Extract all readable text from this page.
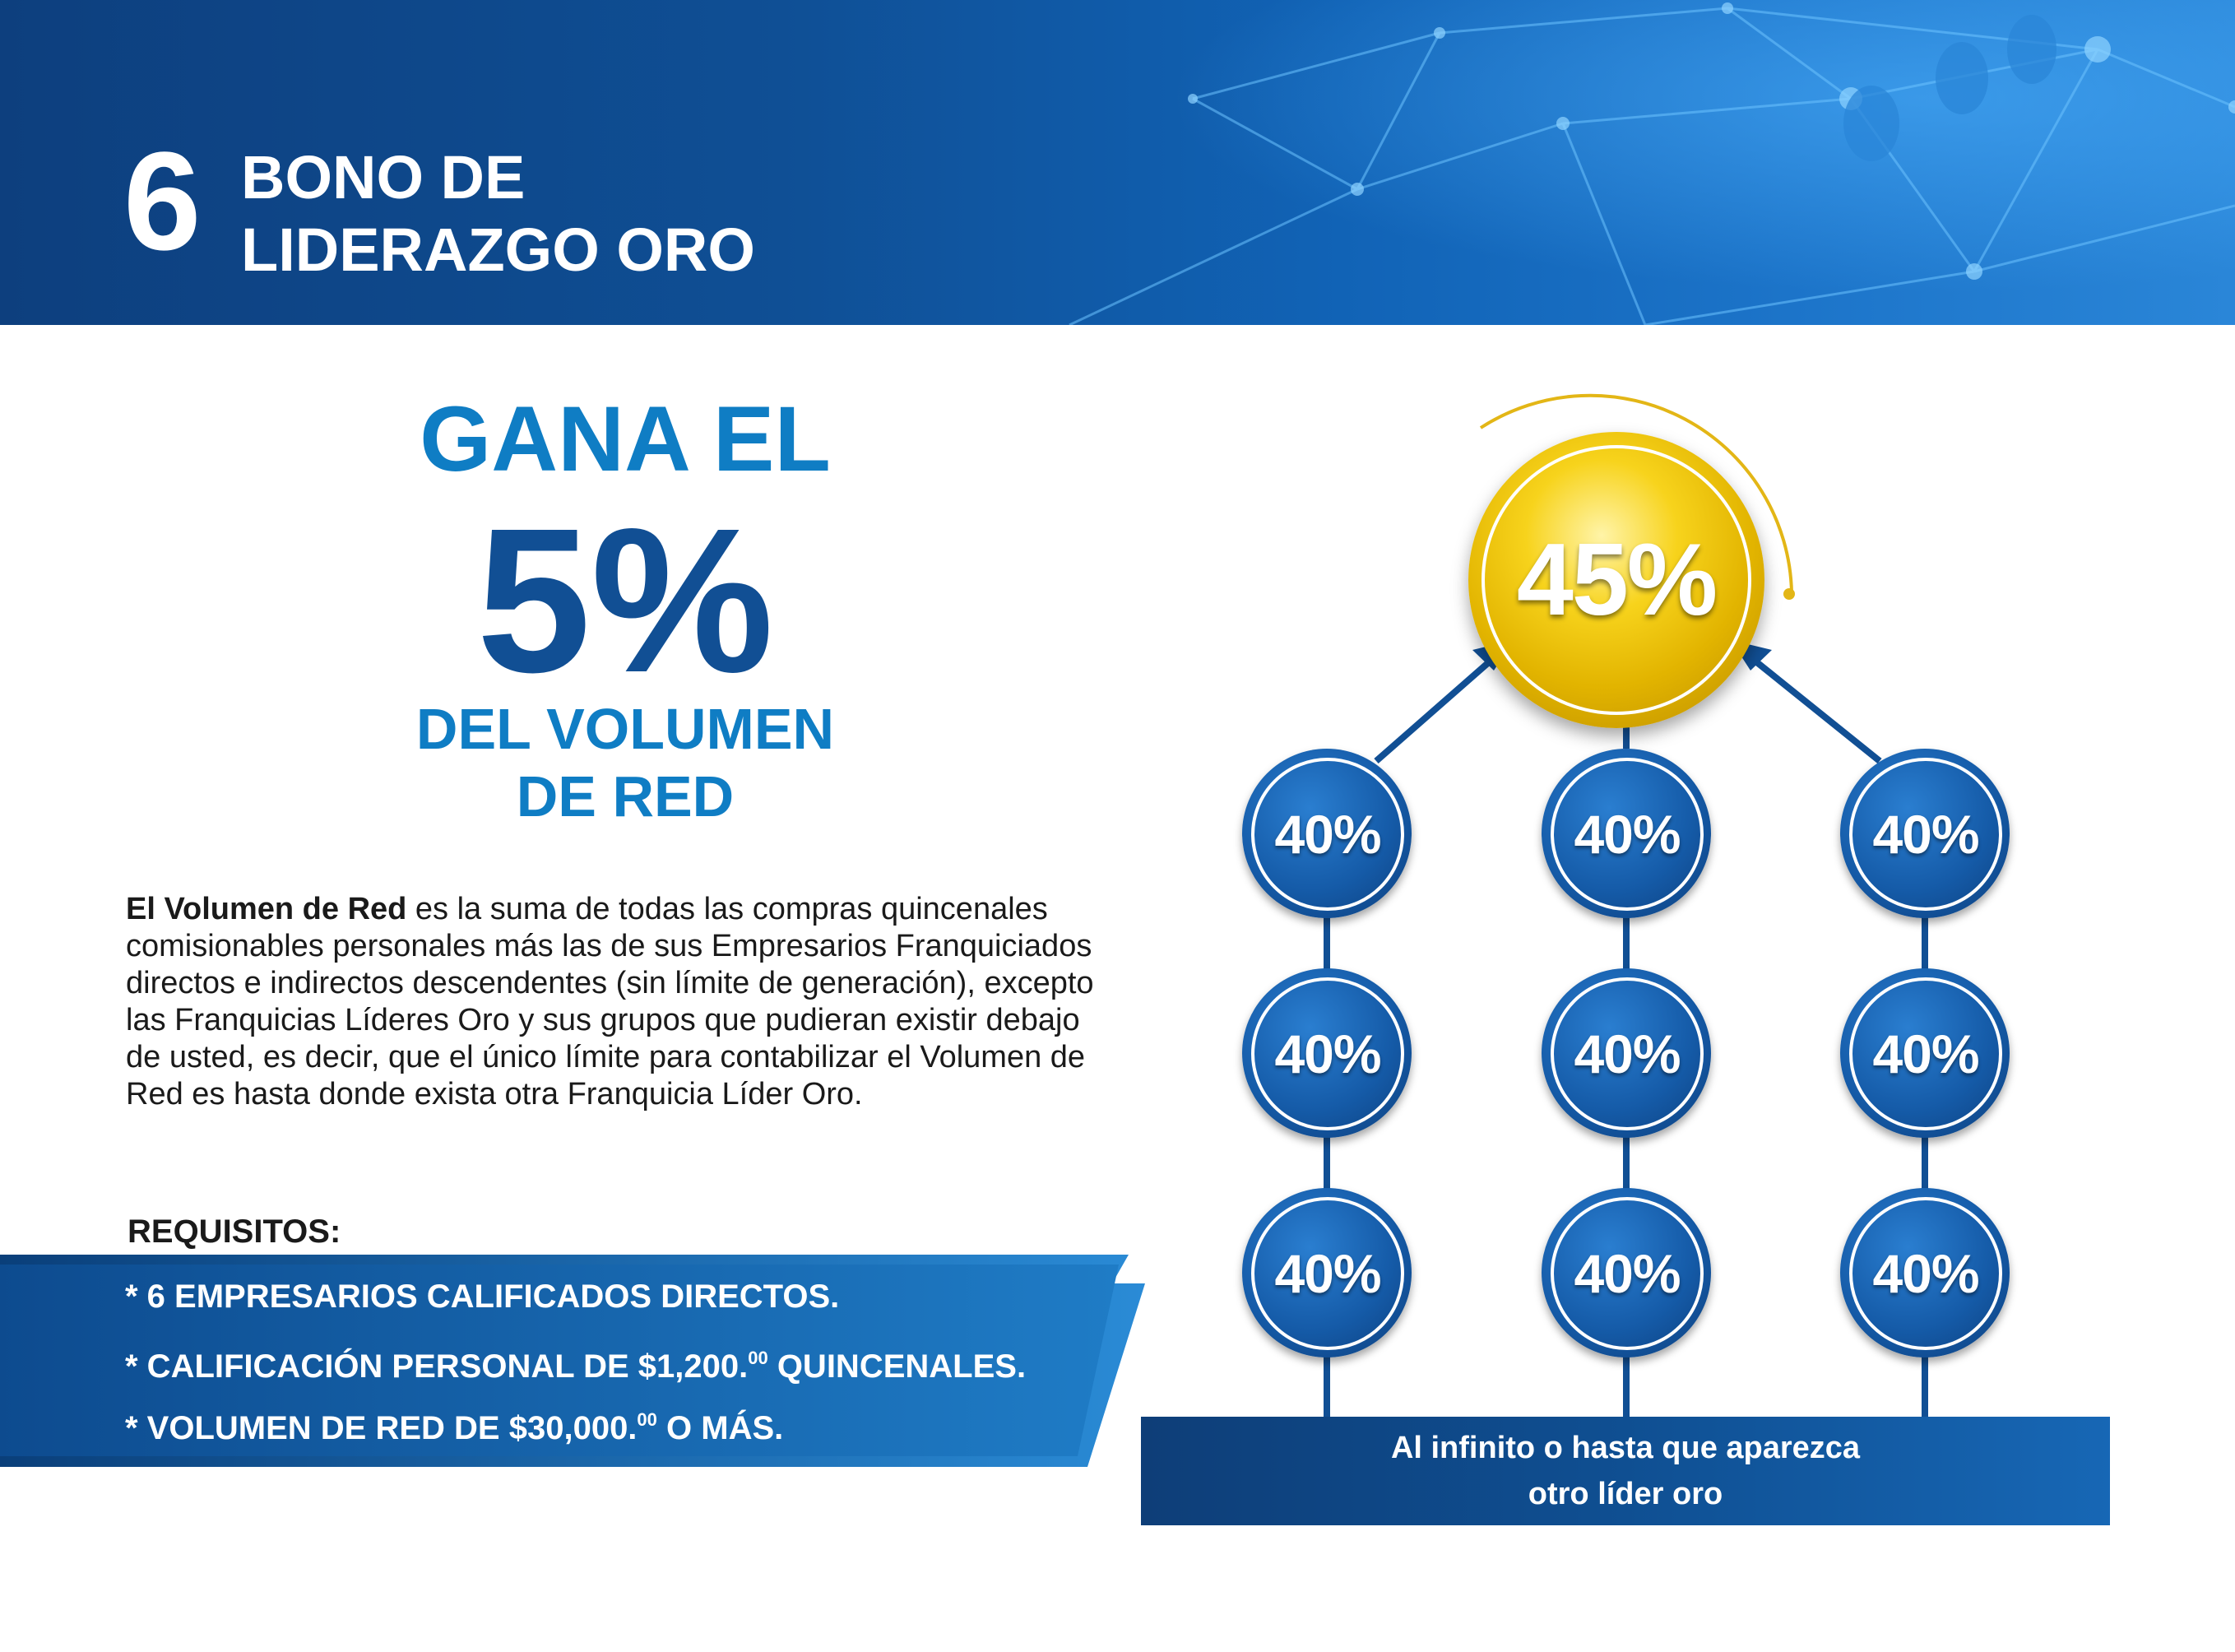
6 BONO DE
LIDERAZGO ORO
GANA EL
5%
DEL VOLUMEN
DE RED
El Volumen de Red es la suma de todas las compras quincenales comisionables personales más las de sus Empresarios Franquiciados directos e indirectos descendentes (sin límite de generación), excepto las Franquicias Líderes Oro y sus grupos que pudieran existir debajo de usted, es decir, que el único límite para contabilizar el Volumen de Red es hasta donde exista otra Franquicia Líder Oro.
REQUISITOS:
* 6 EMPRESARIOS CALIFICADOS DIRECTOS.
* CALIFICACIÓN PERSONAL DE $1,200.00 QUINCENALES.
* VOLUMEN DE RED DE $30,000.00 O MÁS.
45%
40%
40%
40%
40%
40%
40%
40%
40%
40%
Al infinito o hasta que aparezca
otro líder oro
